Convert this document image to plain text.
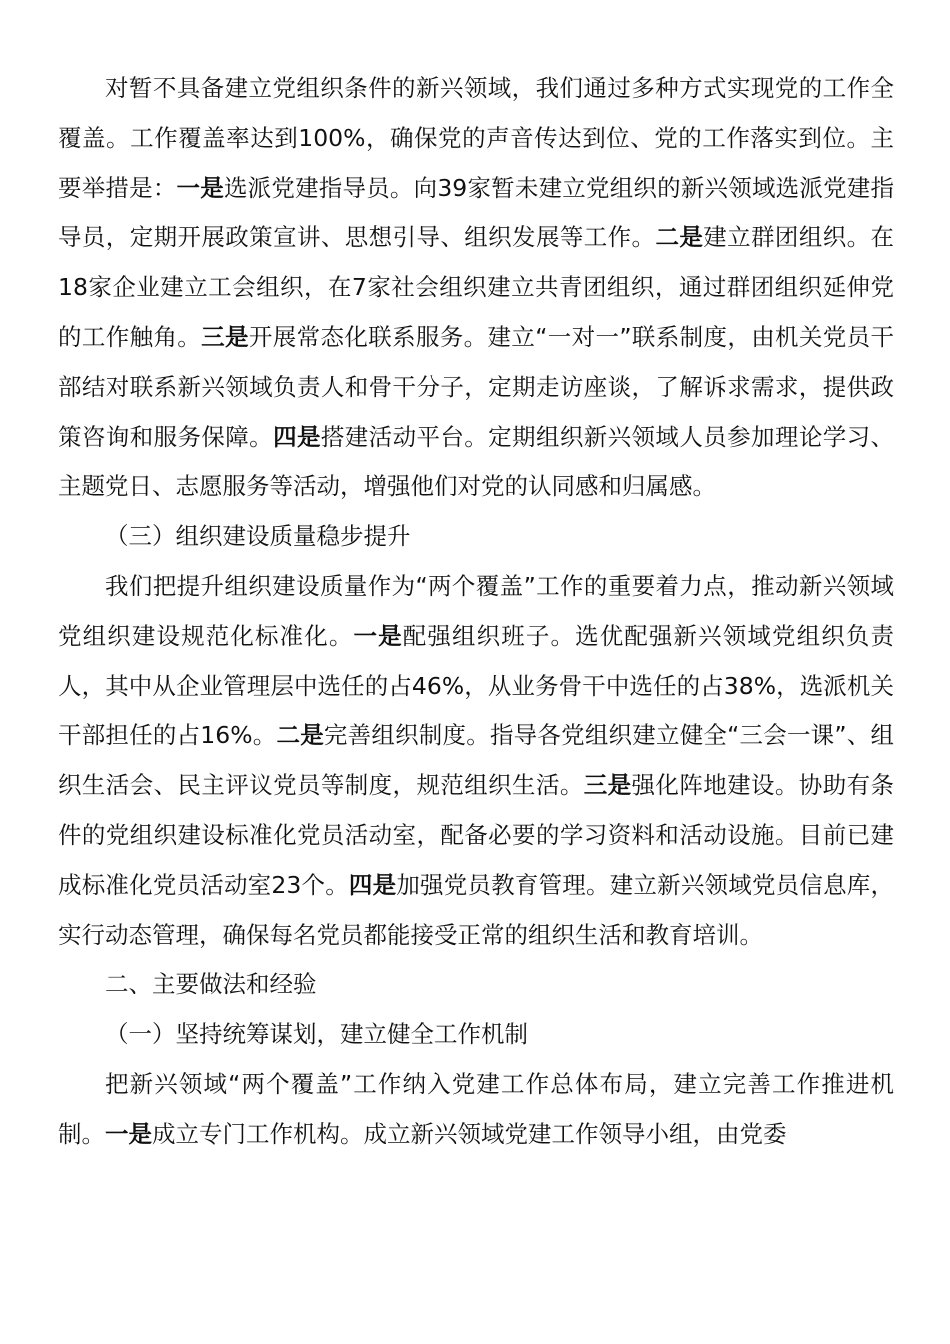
对暂不具备建立党组织条件的新兴领域，我们通过多种方式实现党的工作全覆盖。工作覆盖率达到100%，确保党的声音传达到位、党的工作落实到位。主要举措是：一是选派党建指导员。向39家暂未建立党组织的新兴领域选派党建指导员，定期开展政策宣讲、思想引导、组织发展等工作。二是建立群团组织。在18家企业建立工会组织，在7家社会组织建立共青团组织，通过群团组织延伸党的工作触角。三是开展常态化联系服务。建立“一对一”联系制度，由机关党员干部结对联系新兴领域负责人和骨干分子，定期走访座谈，了解诉求需求，提供政策咨询和服务保障。四是搭建活动平台。定期组织新兴领域人员参加理论学习、主题党日、志愿服务等活动，增强他们对党的认同感和归属感。

（三）组织建设质量稳步提升

我们把提升组织建设质量作为“两个覆盖”工作的重要着力点，推动新兴领域党组织建设规范化标准化。一是配强组织班子。选优配强新兴领域党组织负责人，其中从企业管理层中选任的占46%，从业务骨干中选任的占38%，选派机关干部担任的占16%。二是完善组织制度。指导各党组织建立健全“三会一课”、组织生活会、民主评议党员等制度，规范组织生活。三是强化阵地建设。协助有条件的党组织建设标准化党员活动室，配备必要的学习资料和活动设施。目前已建成标准化党员活动室23个。四是加强党员教育管理。建立新兴领域党员信息库，实行动态管理，确保每名党员都能接受正常的组织生活和教育培训。

二、主要做法和经验

（一）坚持统筹谋划，建立健全工作机制

把新兴领域“两个覆盖”工作纳入党建工作总体布局，建立完善工作推进机制。一是成立专门工作机构。成立新兴领域党建工作领导小组，由党委
